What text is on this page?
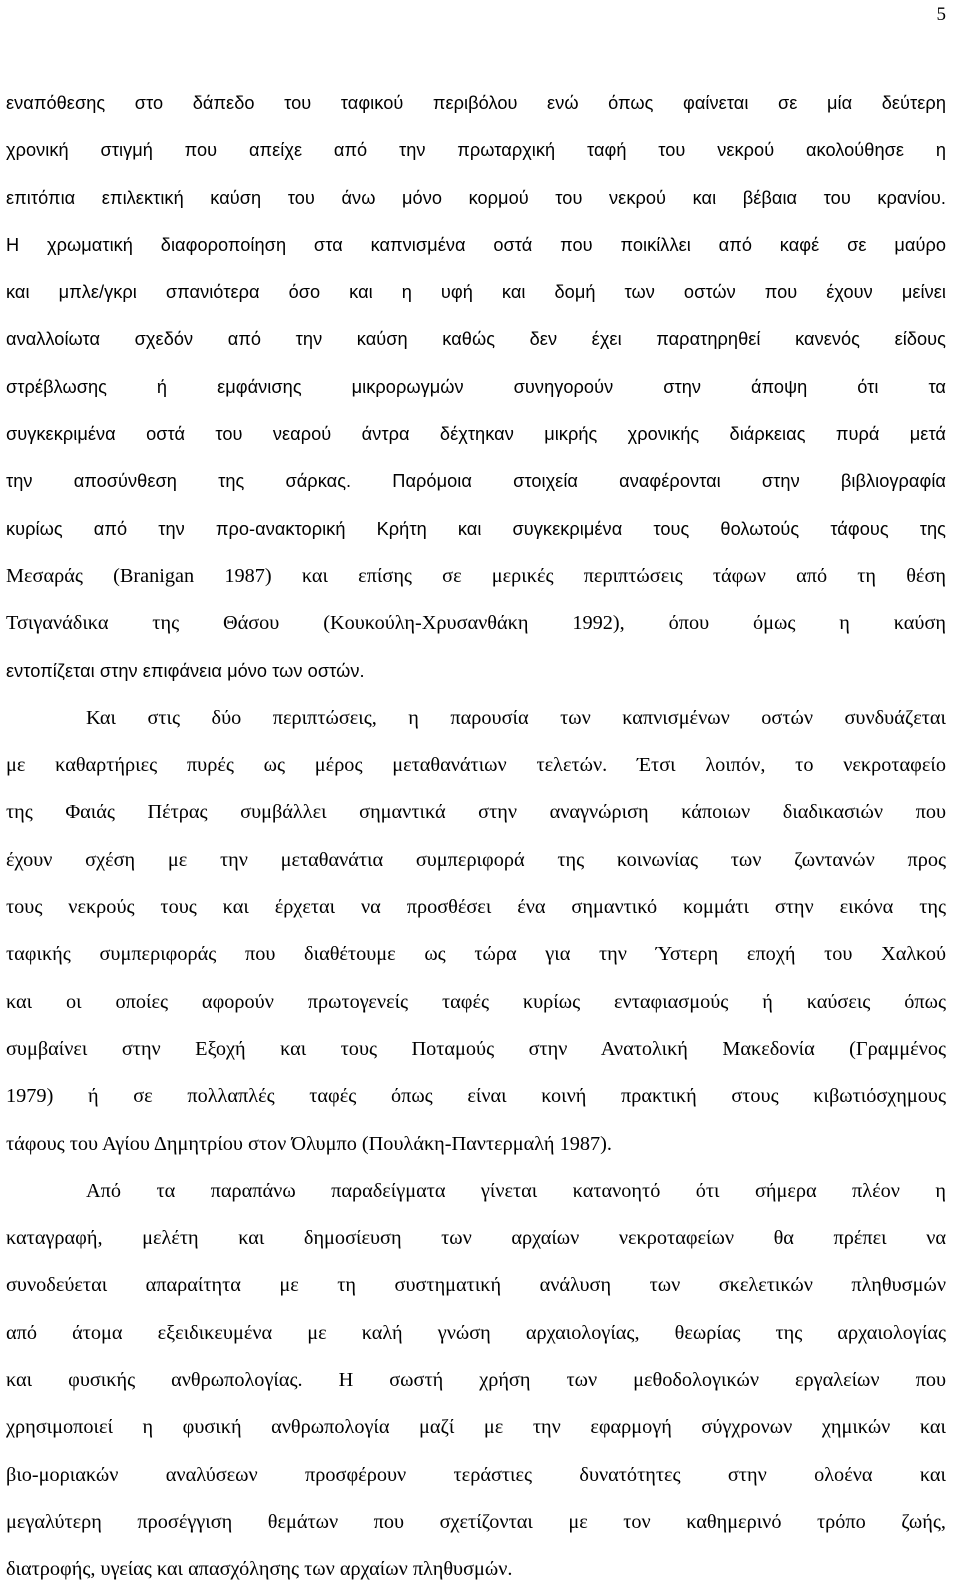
5
εναπόθεσης στο δάπεδο του ταφικού περιβόλου ενώ όπως φαίνεται σε μία δεύτερη
χρονική στιγμή που απείχε από την πρωταρχική ταφή του νεκρού ακολούθησε η
επιτόπια επιλεκτική καύση του άνω μόνο κορμού του νεκρού και βέβαια του κρανίου.
Η χρωματική διαφοροποίηση στα καπνισμένα οστά που ποικίλλει από καφέ σε μαύρο
και μπλε/γκρι σπανιότερα όσο και η υφή και δομή των οστών που έχουν μείνει
αναλλοίωτα σχεδόν από την καύση καθώς δεν έχει παρατηρηθεί κανενός είδους
στρέβλωσης ή εμφάνισης μικρορωγμών συνηγορούν στην άποψη ότι τα
συγκεκριμένα οστά του νεαρού άντρα δέχτηκαν μικρής χρονικής διάρκειας πυρά μετά
την αποσύνθεση της σάρκας. Παρόμοια στοιχεία αναφέρονται στην βιβλιογραφία
κυρίως από την προ-ανακτορική Κρήτη και συγκεκριμένα τους θολωτούς τάφους της
Μεσαράς (Branigan 1987) και επίσης σε μερικές περιπτώσεις τάφων από τη θέση
Τσιγανάδικα της Θάσου (Κουκούλη-Χρυσανθάκη 1992), όπου όμως η καύση
εντοπίζεται στην επιφάνεια μόνο των οστών.
Και στις δύο περιπτώσεις, η παρουσία των καπνισμένων οστών συνδυάζεται
με καθαρτήριες πυρές ως μέρος μεταθανάτιων τελετών. Έτσι λοιπόν, το νεκροταφείο
της Φαιάς Πέτρας συμβάλλει σημαντικά στην αναγνώριση κάποιων διαδικασιών που
έχουν σχέση με την μεταθανάτια συμπεριφορά της κοινωνίας των ζωντανών προς
τους νεκρούς τους και έρχεται να προσθέσει ένα σημαντικό κομμάτι στην εικόνα της
ταφικής συμπεριφοράς που διαθέτουμε ως τώρα για την Ύστερη εποχή του Χαλκού
και οι οποίες αφορούν πρωτογενείς ταφές κυρίως ενταφιασμούς ή καύσεις όπως
συμβαίνει στην Εξοχή και τους Ποταμούς στην Ανατολική Μακεδονία (Γραμμένος
1979) ή σε πολλαπλές ταφές όπως είναι κοινή πρακτική στους κιβωτιόσχημους
τάφους του Αγίου Δημητρίου στον Όλυμπο (Πουλάκη-Παντερμαλή 1987).
Από τα παραπάνω παραδείγματα γίνεται κατανοητό ότι σήμερα πλέον η
καταγραφή, μελέτη και δημοσίευση των αρχαίων νεκροταφείων θα πρέπει να
συνοδεύεται απαραίτητα με τη συστηματική ανάλυση των σκελετικών πληθυσμών
από άτομα εξειδικευμένα με καλή γνώση αρχαιολογίας, θεωρίας της αρχαιολογίας
και φυσικής ανθρωπολογίας. Η σωστή χρήση των μεθοδολογικών εργαλείων που
χρησιμοποιεί η φυσική ανθρωπολογία μαζί με την εφαρμογή σύγχρονων χημικών και
βιο-μοριακών αναλύσεων προσφέρουν τεράστιες δυνατότητες στην ολοένα και
μεγαλύτερη προσέγγιση θεμάτων που σχετίζονται με τον καθημερινό τρόπο ζωής,
διατροφής, υγείας και απασχόλησης των αρχαίων πληθυσμών.
